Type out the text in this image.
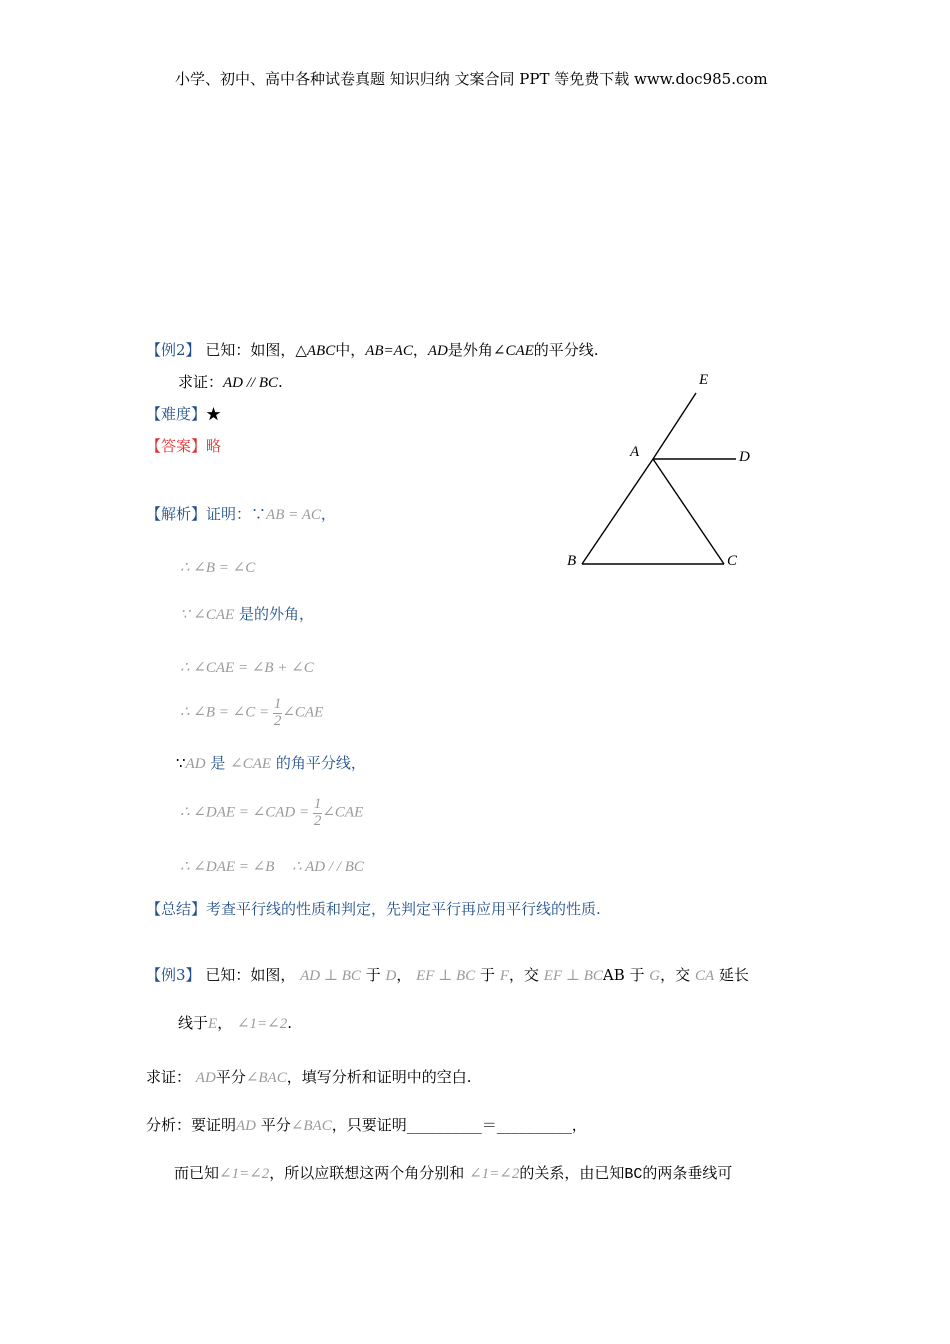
小学、初中、高中各种试卷真题 知识归纳 文案合同 PPT 等免费下载 www.doc985.com
【例2】 已知：如图，△ABC中，AB=AC，AD是外角∠CAE的平分线.
求证：AD // BC.
【难度】★
【答案】略
【解析】证明：∵AB = AC，
∴ ∠B = ∠C
∵ ∠CAE 是的外角，
∴ ∠CAE = ∠B + ∠C
∴ ∠B = ∠C = $\frac{1}{2}$ ∠CAE
∵AD 是 ∠CAE 的角平分线，
∴ ∠DAE = ∠CAD = $\frac{1}{2}$ ∠CAE
∴ ∠DAE = ∠B ∴ AD / / BC
【总结】考查平行线的性质和判定，先判定平行再应用平行线的性质.
E
A	D
B	C
【例3】 已知：如图， AD ⊥ BC 于 D， EF ⊥ BC 于 F，交 EF ⊥ BCAB 于 G，交 CA 延长
线于E， ∠1=∠2.
求证： AD平分∠BAC，填写分析和证明中的空白.
分析：要证明AD 平分∠BAC，只要证明__________＝__________，
而已知∠1=∠2，所以应联想这两个角分别和 ∠1=∠2的关系，由已知BC的两条垂线可
